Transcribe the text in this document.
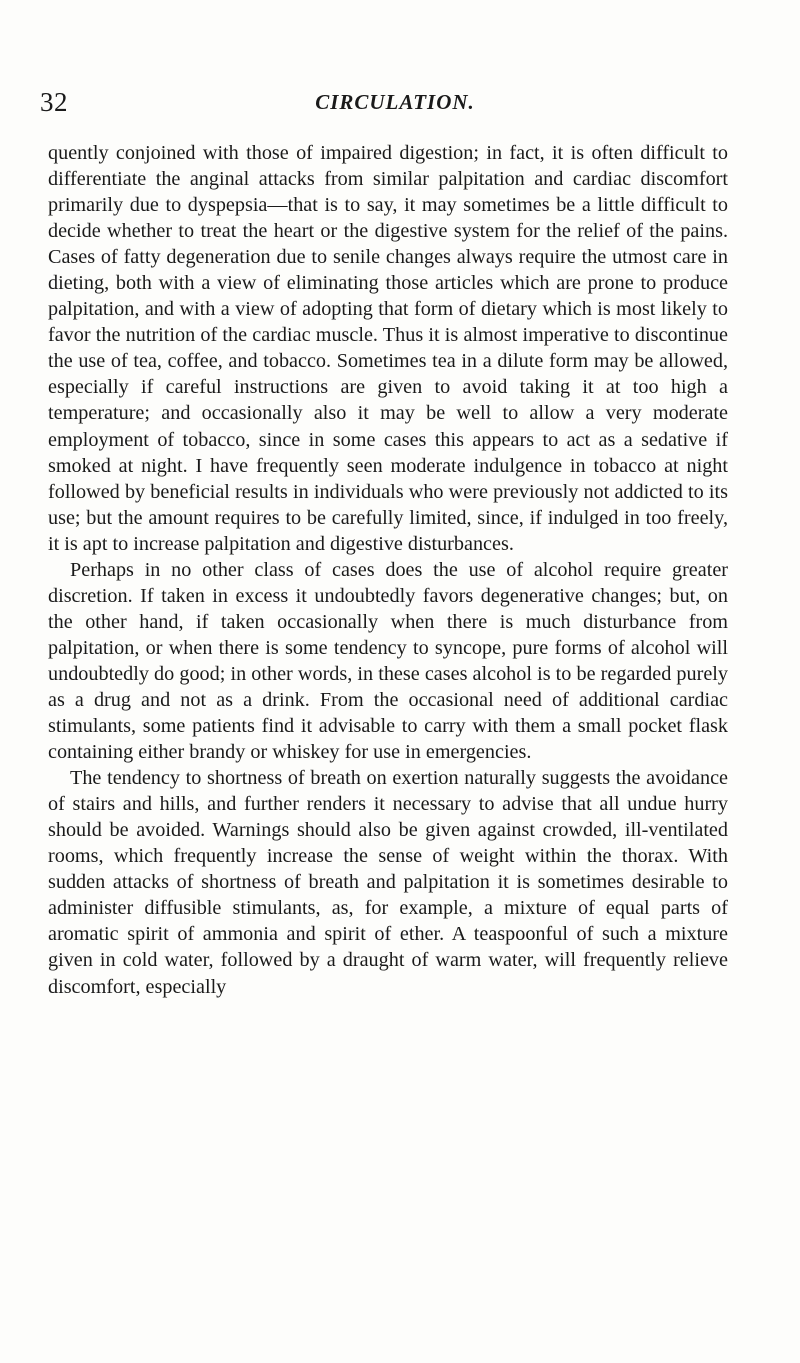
32	CIRCULATION.

quently conjoined with those of impaired digestion; in fact, it is often difficult to differentiate the anginal attacks from similar palpitation and cardiac discomfort primarily due to dyspepsia—that is to say, it may sometimes be a little difficult to decide whether to treat the heart or the digestive system for the relief of the pains. Cases of fatty degeneration due to senile changes always require the utmost care in dieting, both with a view of eliminating those articles which are prone to produce palpitation, and with a view of adopting that form of dietary which is most likely to favor the nutrition of the cardiac muscle. Thus it is almost imperative to discontinue the use of tea, coffee, and tobacco. Sometimes tea in a dilute form may be allowed, especially if careful instructions are given to avoid taking it at too high a temperature; and occasionally also it may be well to allow a very moderate employment of tobacco, since in some cases this appears to act as a sedative if smoked at night. I have frequently seen moderate indulgence in tobacco at night followed by beneficial results in individuals who were previously not addicted to its use; but the amount requires to be carefully limited, since, if indulged in too freely, it is apt to increase palpitation and digestive disturbances.

Perhaps in no other class of cases does the use of alcohol require greater discretion. If taken in excess it undoubtedly favors degenerative changes; but, on the other hand, if taken occasionally when there is much disturbance from palpitation, or when there is some tendency to syncope, pure forms of alcohol will undoubtedly do good; in other words, in these cases alcohol is to be regarded purely as a drug and not as a drink. From the occasional need of additional cardiac stimulants, some patients find it advisable to carry with them a small pocket flask containing either brandy or whiskey for use in emergencies.

The tendency to shortness of breath on exertion naturally suggests the avoidance of stairs and hills, and further renders it necessary to advise that all undue hurry should be avoided. Warnings should also be given against crowded, ill-ventilated rooms, which frequently increase the sense of weight within the thorax. With sudden attacks of shortness of breath and palpitation it is sometimes desirable to administer diffusible stimulants, as, for example, a mixture of equal parts of aromatic spirit of ammonia and spirit of ether. A teaspoonful of such a mixture given in cold water, followed by a draught of warm water, will frequently relieve discomfort, especially
